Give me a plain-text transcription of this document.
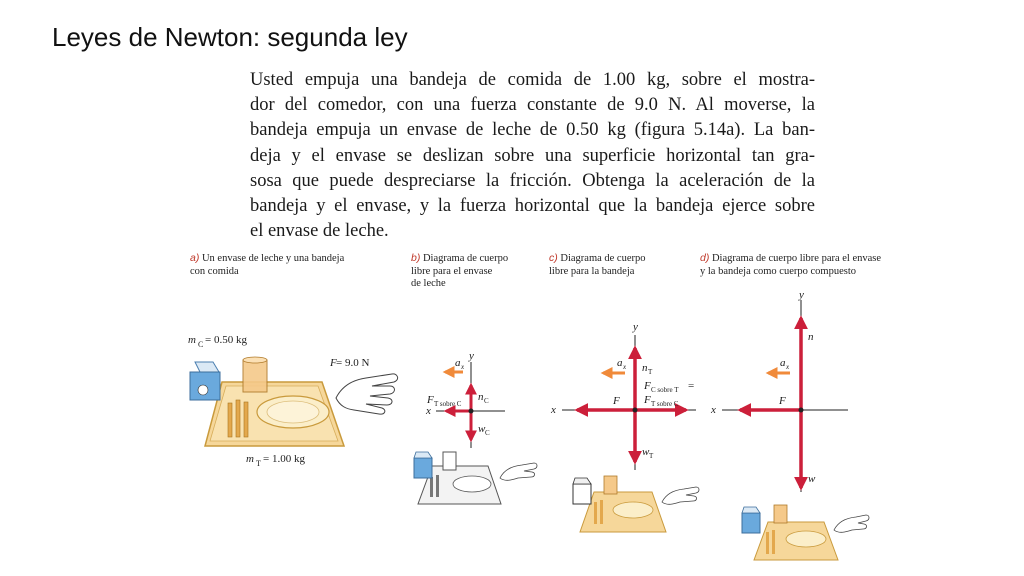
Leyes de Newton: segunda ley
Usted empuja una bandeja de comida de 1.00 kg, sobre el mostra-
dor del comedor, con una fuerza constante de 9.0 N. Al moverse, la
bandeja empuja un envase de leche de 0.50 kg (figura 5.14a). La ban-
deja y el envase se deslizan sobre una superficie horizontal tan gra-
sosa que puede despreciarse la fricción. Obtenga la aceleración de la
bandeja y el envase, y la fuerza horizontal que la bandeja ejerce sobre
el envase de leche.
a) Un envase de leche y una bandeja
con comida
b) Diagrama de cuerpo
libre para el envase
de leche
c) Diagrama de cuerpo
libre para la bandeja
d) Diagrama de cuerpo libre para el envase
y la bandeja como cuerpo compuesto
m C = 0.50 kg
F = 9.0 N
m T = 1.00 kg
y
x
a x
F T sobre C
n C
w C
y
x
a x n T
F C sobre T =
F T sobre C
F
w T
y
x
a x
n
F
w
